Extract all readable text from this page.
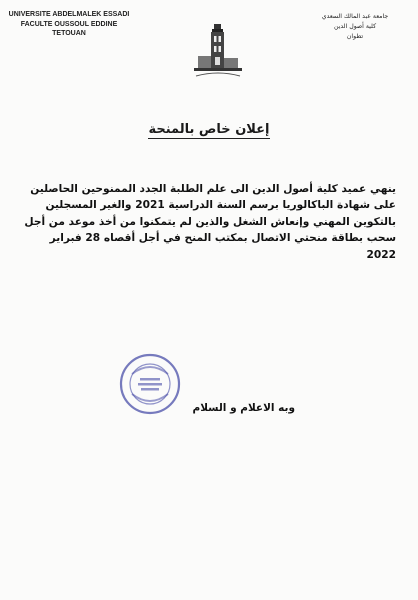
UNIVERSITE ABDELMALEK ESSADI
FACULTE OUSSOUL EDDINE
TETOUAN
جامعة عبد المالك السعدي
كلية أصول الدين
تطوان
إعلان خاص بالمنحة
ينهي عميد كلية أصول الدين الى علم الطلبة الجدد الممنوحين الحاصلين
على شهادة الباكالوريا برسم السنة الدراسية 2021 والغير المسجلين
بالتكوين المهني وإنعاش الشغل والذين لم يتمكنوا من أخذ موعد من أجل
سحب بطاقة منحتي الاتصال بمكتب المنح في أجل أقصاه 28 فبراير
2022
وبه الاعلام و السلام
